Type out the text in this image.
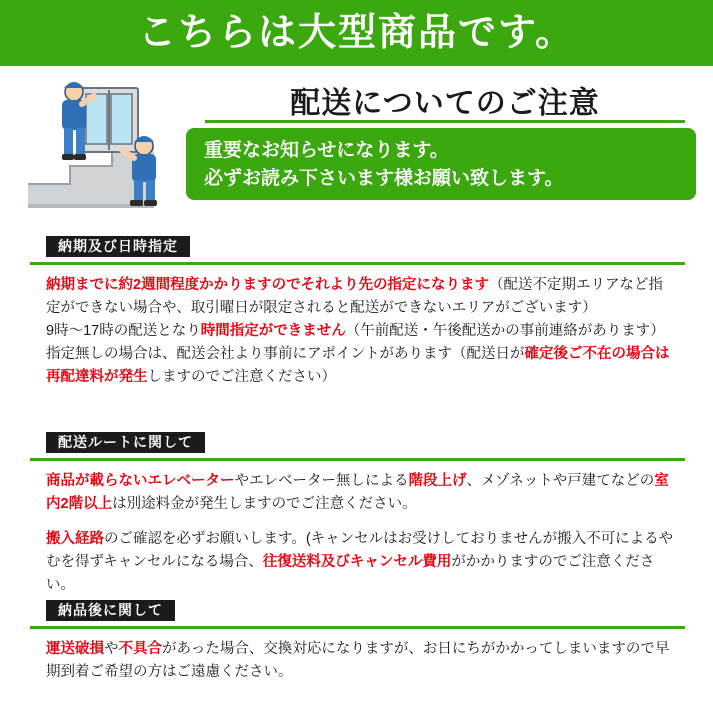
こちらは大型商品です。
配送についてのご注意
重要なお知らせになります。
必ずお読み下さいます様お願い致します。
納期及び日時指定

納期までに約2週間程度かかりますのでそれより先の指定になります（配送不定期エリアなど指定ができない場合や、取引曜日が限定されると配送ができないエリアがございます）

9時〜17時の配送となり時間指定ができません（午前配送・午後配送かの事前連絡があります）

指定無しの場合は、配送会社より事前にアポイントがあります（配送日が確定後ご不在の場合は再配達料が発生しますのでご注意ください）

配送ルートに関して

商品が載らないエレベーターやエレベーター無しによる階段上げ、メゾネットや戸建てなどの室内2階以上は別途料金が発生しますのでご注意ください。

搬入経路のご確認を必ずお願いします。(キャンセルはお受けしておりませんが搬入不可によるやむを得ずキャンセルになる場合、往復送料及びキャンセル費用がかかりますのでご注意ください。

納品後に関して

運送破損や不具合があった場合、交換対応になりますが、お日にちがかかってしまいますので早期到着ご希望の方はご遠慮ください。
